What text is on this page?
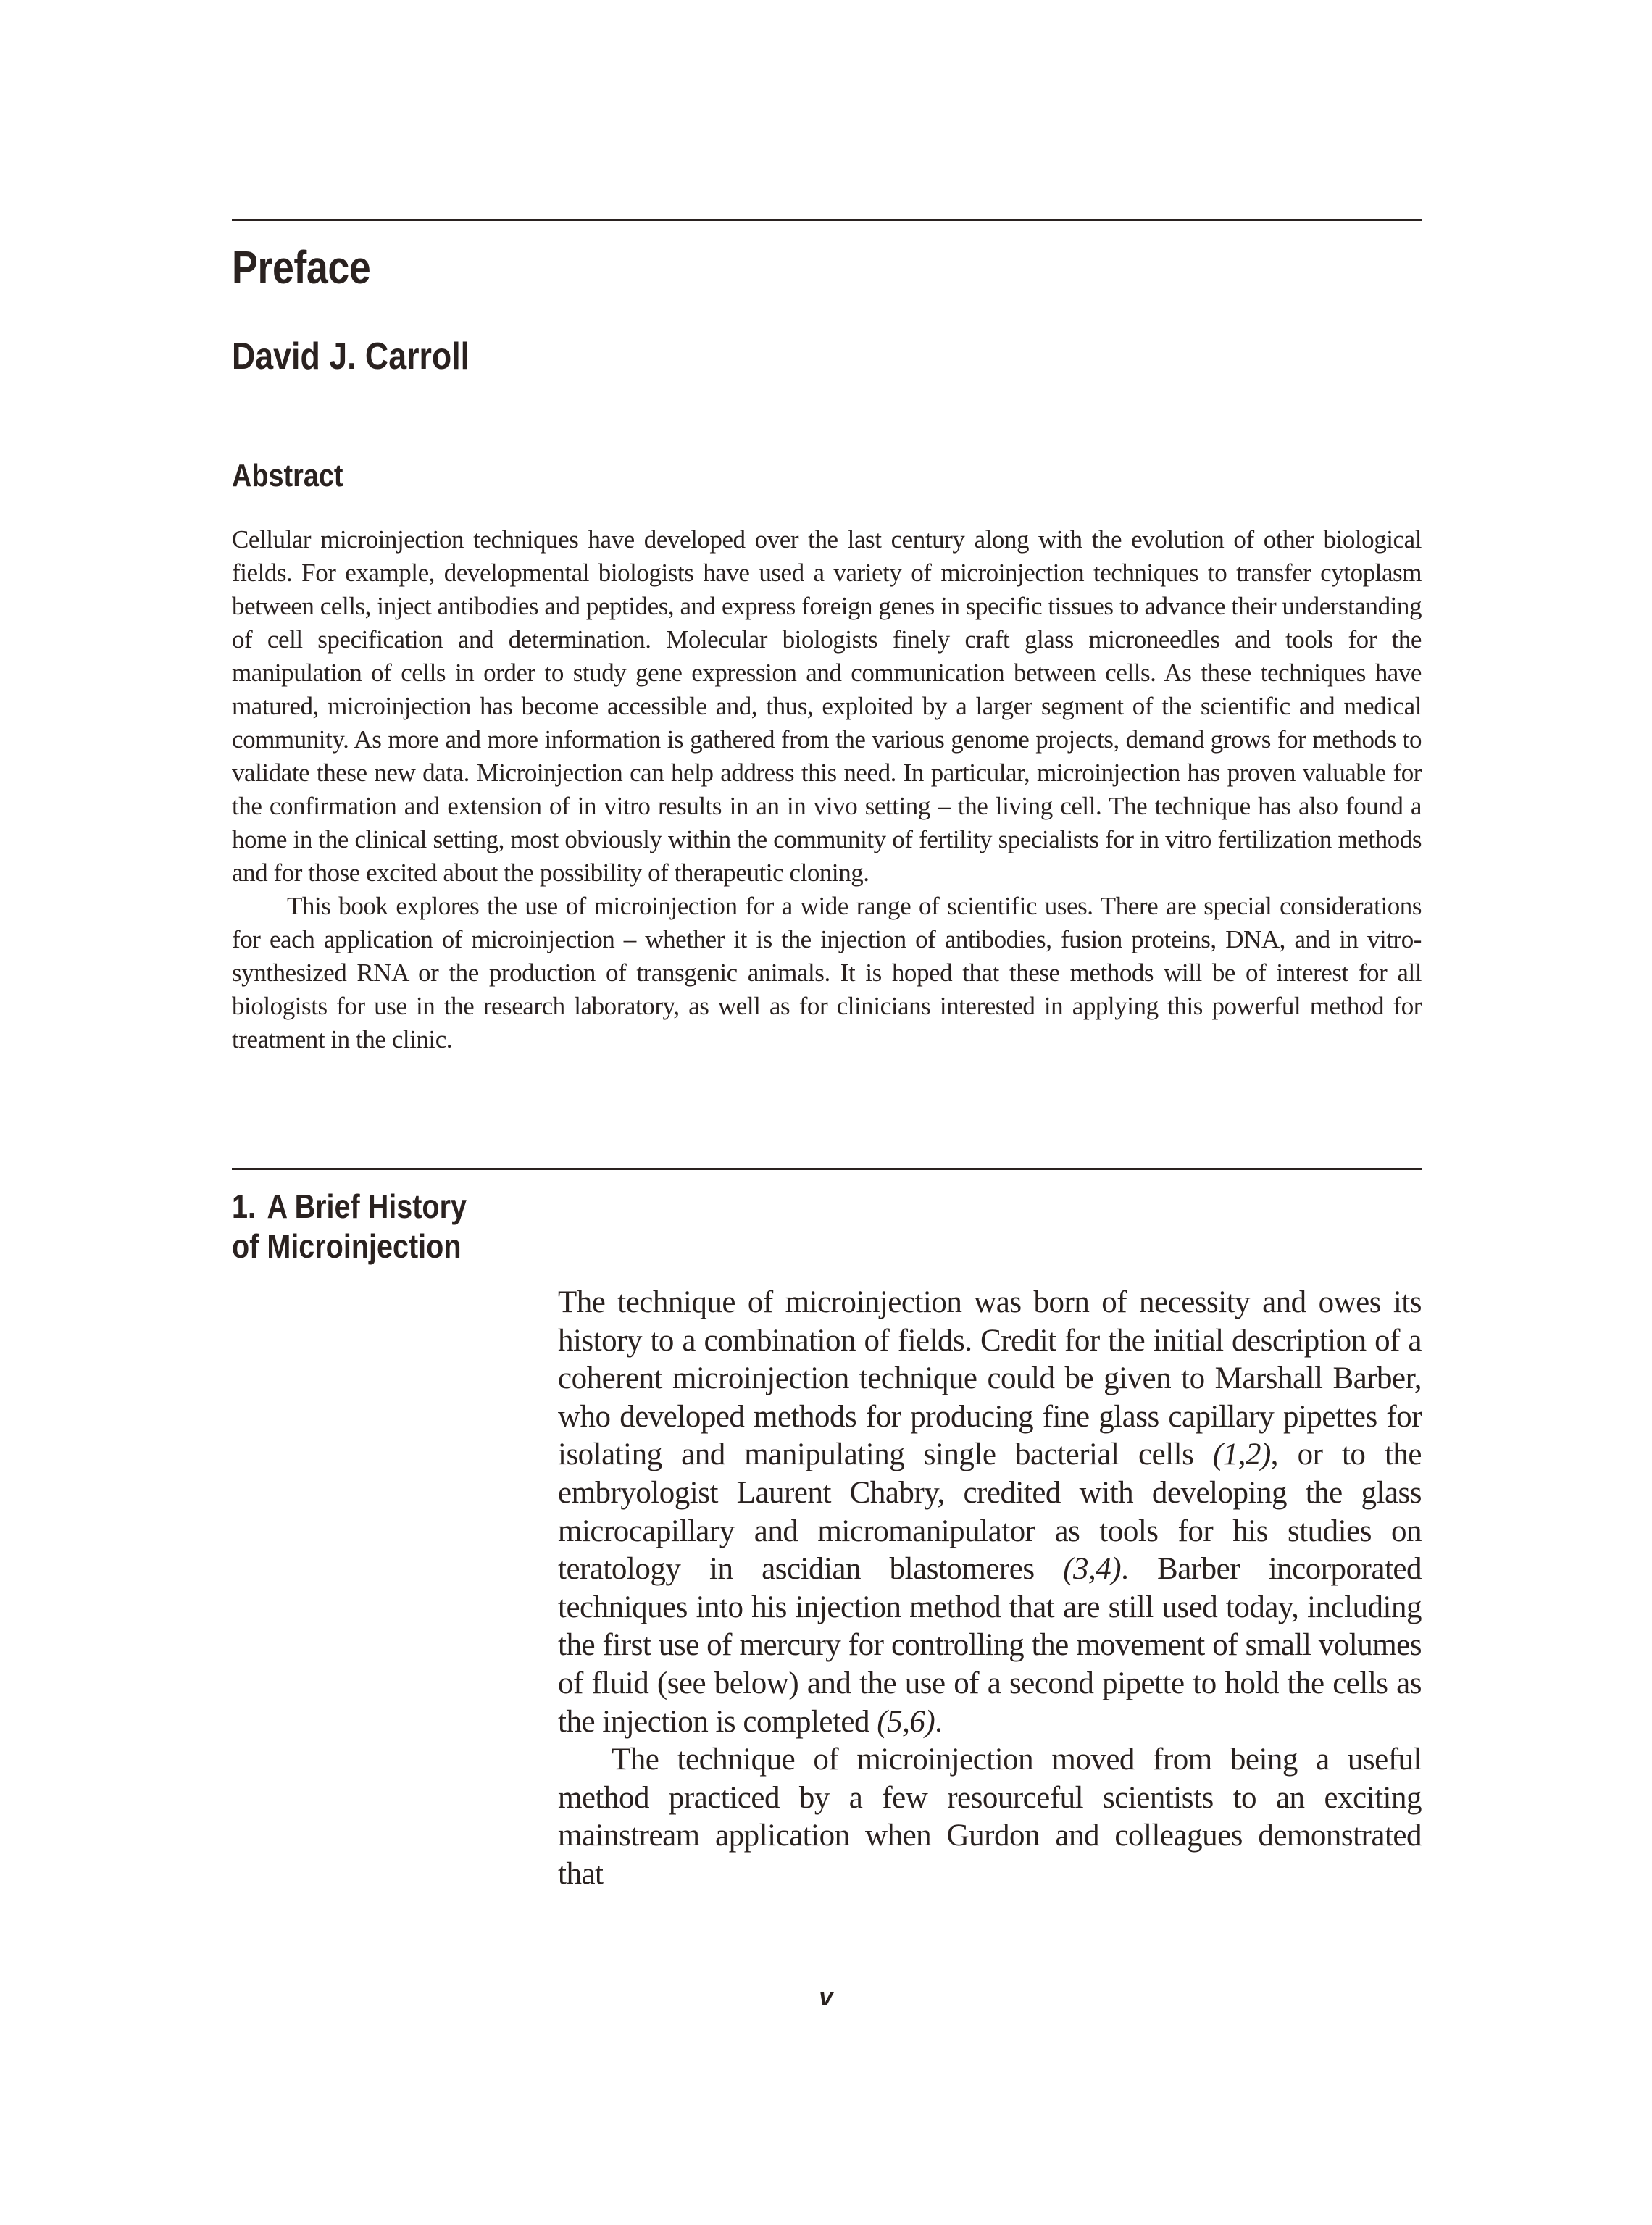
Preface
David J. Carroll
Abstract

Cellular microinjection techniques have developed over the last century along with the evolution of other biological fields. For example, developmental biologists have used a variety of microinjection techniques to transfer cytoplasm between cells, inject antibodies and peptides, and express foreign genes in specific tissues to advance their understanding of cell specification and determination. Molecular biologists finely craft glass microneedles and tools for the manipulation of cells in order to study gene expression and communication between cells. As these techniques have matured, microinjection has become accessible and, thus, exploited by a larger segment of the scientific and medical community. As more and more information is gathered from the various genome projects, demand grows for methods to validate these new data. Microinjection can help address this need. In particular, microinjection has proven valuable for the confirmation and extension of in vitro results in an in vivo setting – the living cell. The technique has also found a home in the clinical setting, most obviously within the community of fertility specialists for in vitro fertilization methods and for those excited about the possibility of therapeutic cloning.

This book explores the use of microinjection for a wide range of scientific uses. There are special considerations for each application of microinjection – whether it is the injection of antibodies, fusion proteins, DNA, and in vitro-synthesized RNA or the production of transgenic animals. It is hoped that these methods will be of interest for all biologists for use in the research laboratory, as well as for clinicians interested in applying this powerful method for treatment in the clinic.

1. A Brief History
of Microinjection

The technique of microinjection was born of necessity and owes its history to a combination of fields. Credit for the initial description of a coherent microinjection technique could be given to Marshall Barber, who developed methods for producing fine glass capillary pipettes for isolating and manipulating single bacterial cells (1,2), or to the embryologist Laurent Chabry, credited with developing the glass microcapillary and micromanipulator as tools for his studies on teratology in ascidian blastomeres (3,4). Barber incorporated techniques into his injection method that are still used today, including the first use of mercury for controlling the movement of small volumes of fluid (see below) and the use of a second pipette to hold the cells as the injection is completed (5,6).

The technique of microinjection moved from being a useful method practiced by a few resourceful scientists to an exciting mainstream application when Gurdon and colleagues demonstrated that

v
